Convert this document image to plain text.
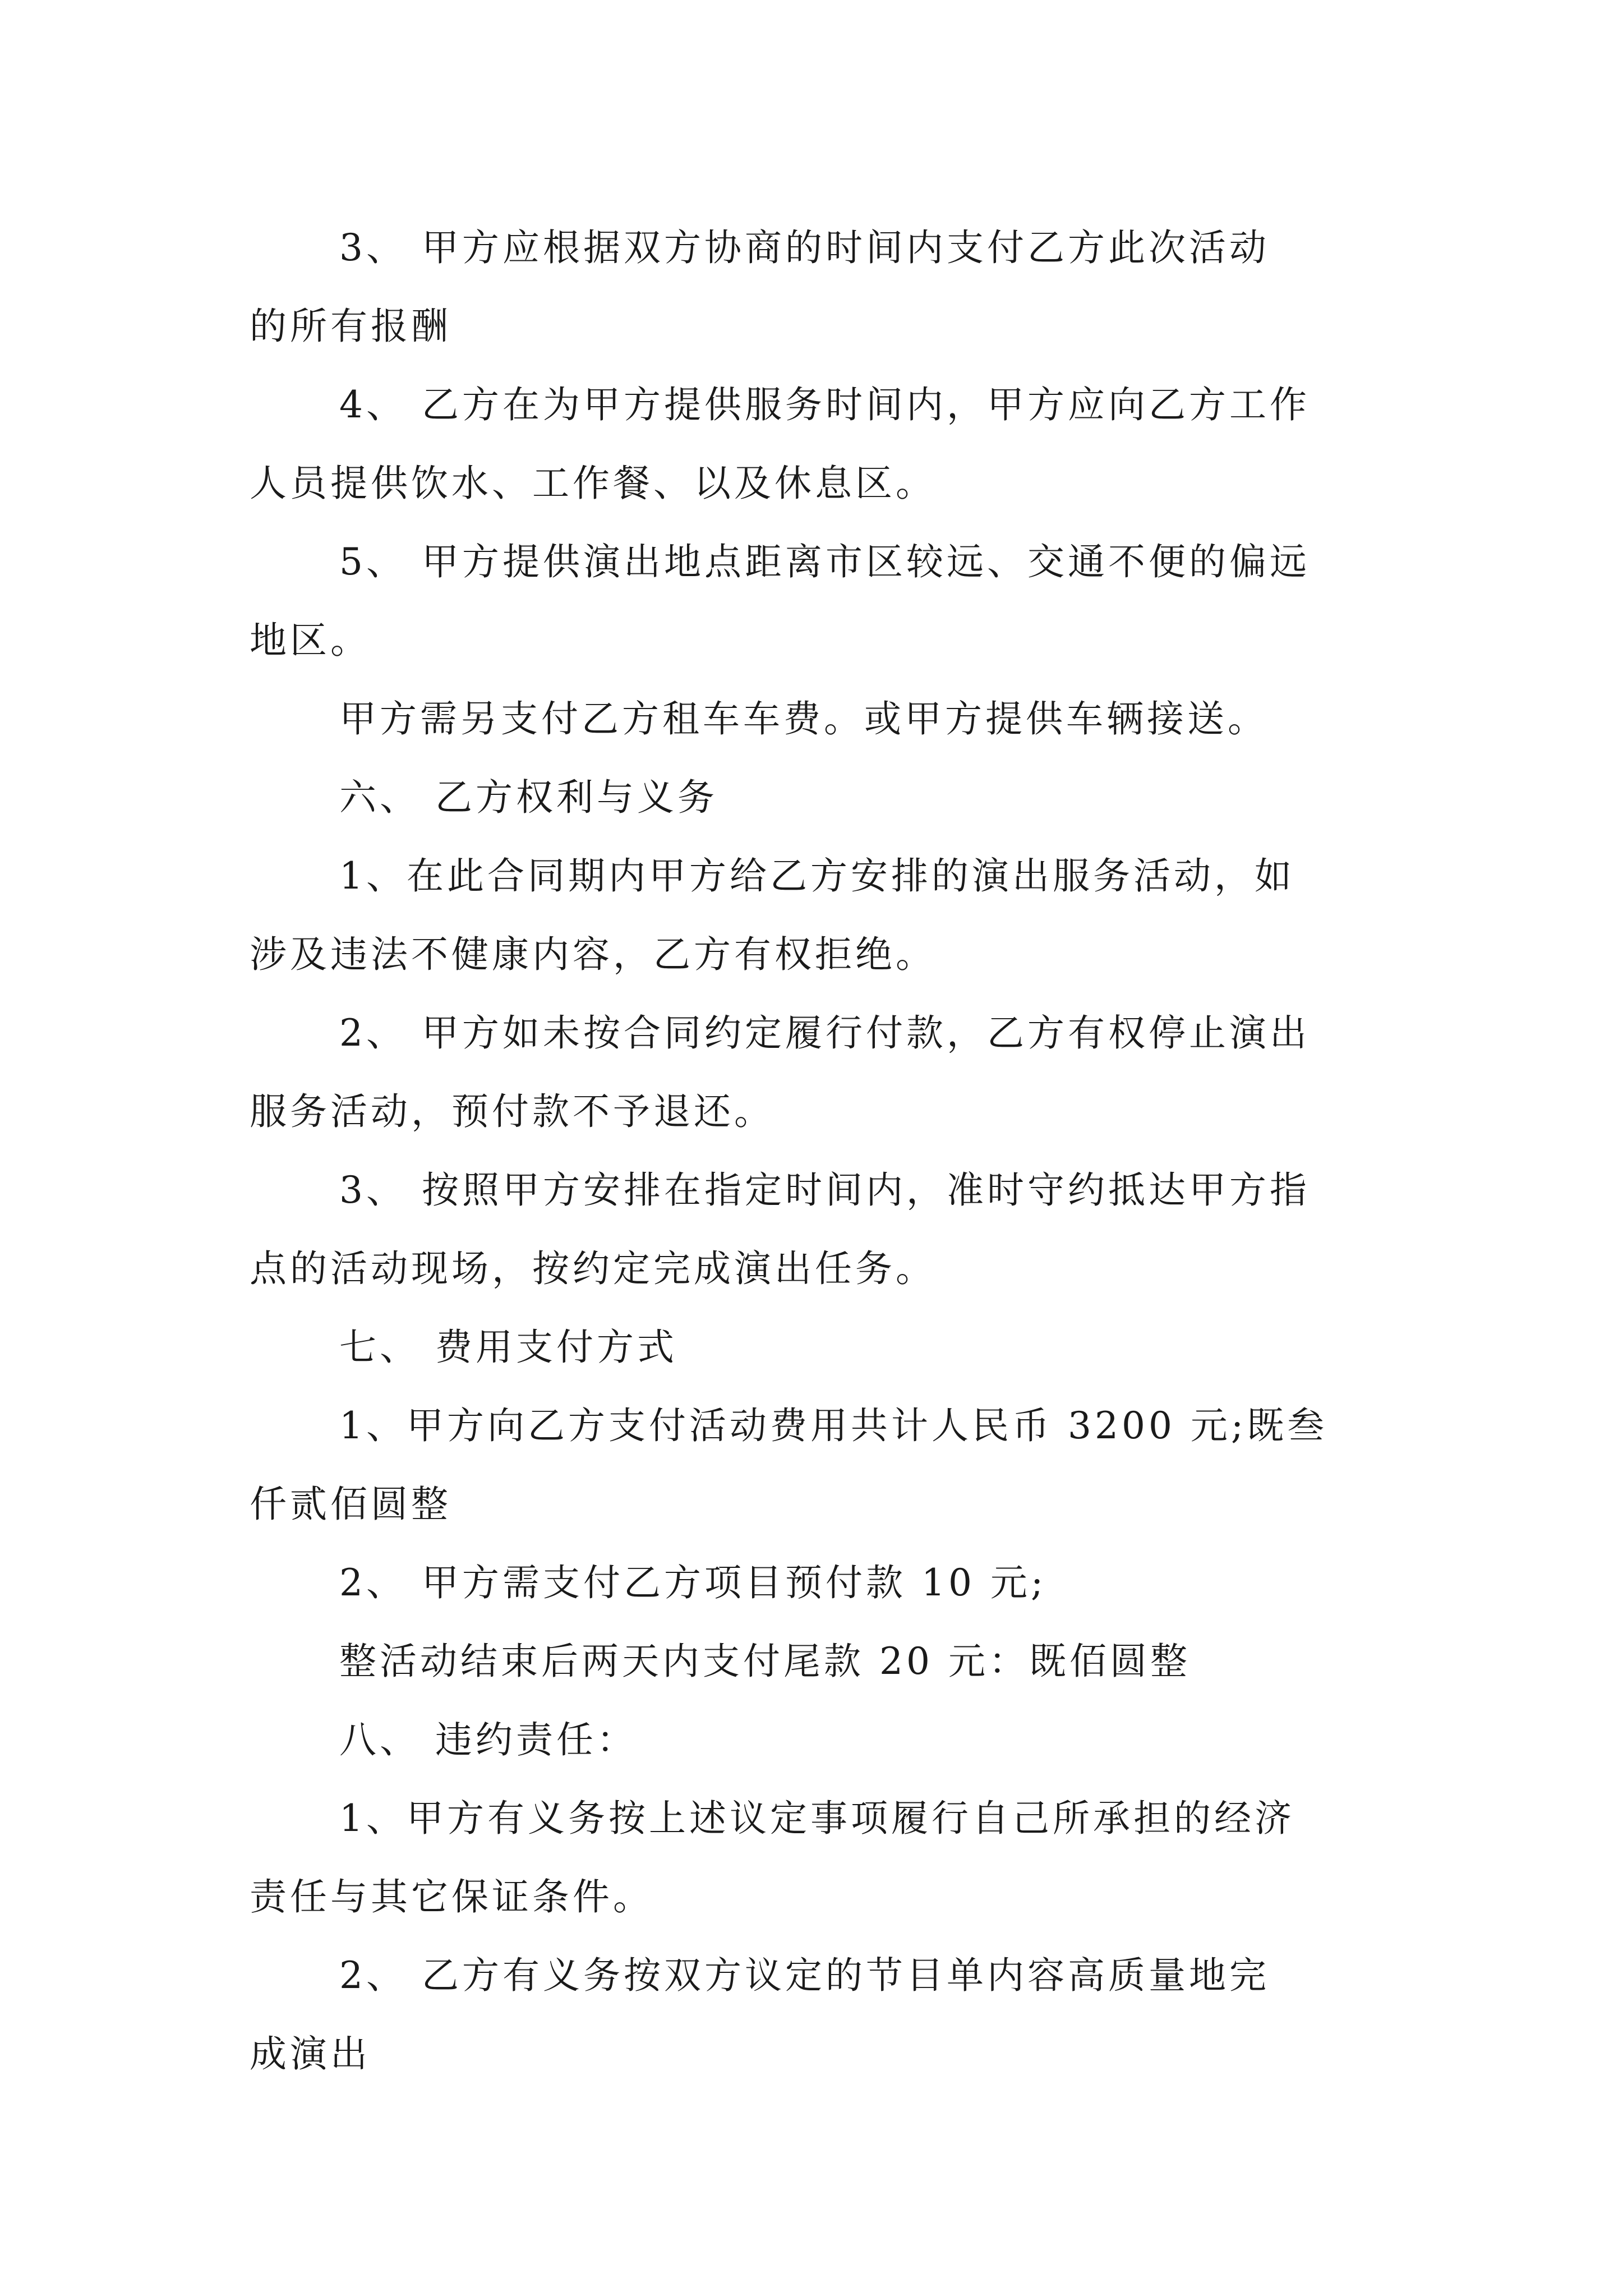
3、 甲方应根据双方协商的时间内支付乙方此次活动
的所有报酬

4、 乙方在为甲方提供服务时间内，甲方应向乙方工作
人员提供饮水、工作餐、以及休息区。

5、 甲方提供演出地点距离市区较远、交通不便的偏远
地区。

甲方需另支付乙方租车车费。或甲方提供车辆接送。

六、 乙方权利与义务

1、在此合同期内甲方给乙方安排的演出服务活动，如
涉及违法不健康内容，乙方有权拒绝。

2、 甲方如未按合同约定履行付款，乙方有权停止演出
服务活动，预付款不予退还。

3、 按照甲方安排在指定时间内，准时守约抵达甲方指
点的活动现场，按约定完成演出任务。

七、 费用支付方式

1、甲方向乙方支付活动费用共计人民币 3200 元;既叁
仟贰佰圆整

2、 甲方需支付乙方项目预付款 10 元;

整活动结束后两天内支付尾款 20 元：既佰圆整

八、 违约责任：

1、甲方有义务按上述议定事项履行自己所承担的经济
责任与其它保证条件。

2、 乙方有义务按双方议定的节目单内容高质量地完
成演出
